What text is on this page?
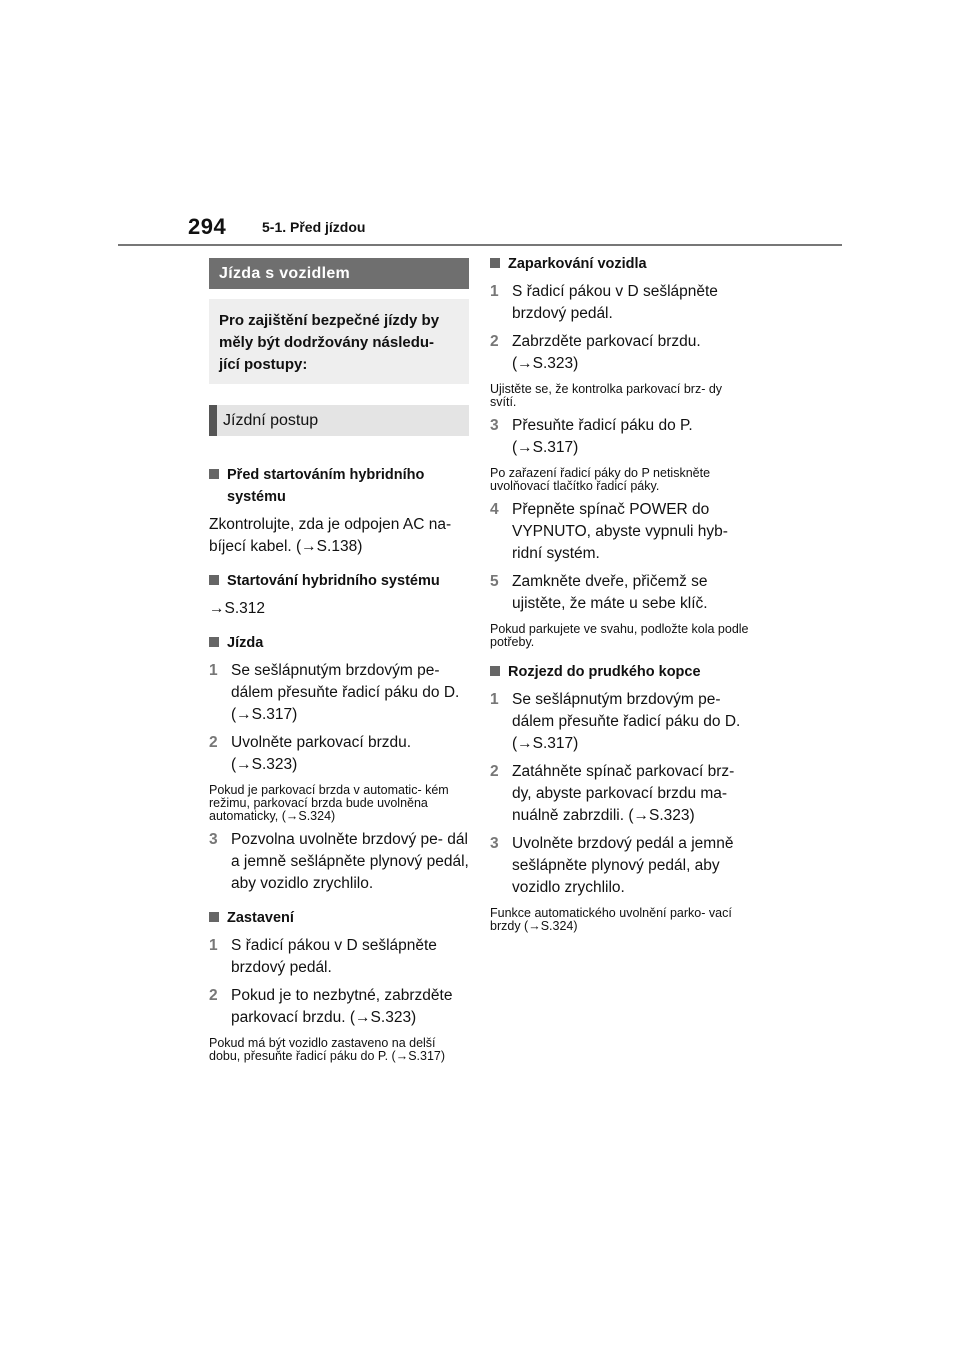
294	5-1. Před jízdou
Jízda s vozidlem
Pro zajištění bezpečné jízdy by měly být dodržovány následu- jící postupy:
Jízdní postup
Před startováním hybridního systému
Zkontrolujte, zda je odpojen AC na- bíjecí kabel. (→S.138)
Startování hybridního systému
→S.312
Jízda
1 Se sešlápnutým brzdovým pe- dálem přesuňte řadicí páku do D. (→S.317)
2 Uvolněte parkovací brzdu. (→S.323)
Pokud je parkovací brzda v automatic- kém režimu, parkovací brzda bude uvolněna automaticky, (→S.324)
3 Pozvolna uvolněte brzdový pe- dál a jemně sešlápněte plynový pedál, aby vozidlo zrychlilo.
Zastavení
1 S řadicí pákou v D sešlápněte brzdový pedál.
2 Pokud je to nezbytné, zabrzděte parkovací brzdu. (→S.323)
Pokud má být vozidlo zastaveno na delší dobu, přesuňte řadicí páku do P. (→S.317)
Zaparkování vozidla
1 S řadicí pákou v D sešlápněte brzdový pedál.
2 Zabrzděte parkovací brzdu. (→S.323)
Ujistěte se, že kontrolka parkovací brz- dy svítí.
3 Přesuňte řadicí páku do P. (→S.317)
Po zařazení řadicí páky do P netiskněte uvolňovací tlačítko řadicí páky.
4 Přepněte spínač POWER do VYPNUTO, abyste vypnuli hyb- ridní systém.
5 Zamkněte dveře, přičemž se ujistěte, že máte u sebe klíč.
Pokud parkujete ve svahu, podložte kola podle potřeby.
Rozjezd do prudkého kopce
1 Se sešlápnutým brzdovým pe- dálem přesuňte řadicí páku do D. (→S.317)
2 Zatáhněte spínač parkovací brz- dy, abyste parkovací brzdu ma- nuálně zabrzdili. (→S.323)
3 Uvolněte brzdový pedál a jemně sešlápněte plynový pedál, aby vozidlo zrychlilo.
Funkce automatického uvolnění parko- vací brzdy (→S.324)
